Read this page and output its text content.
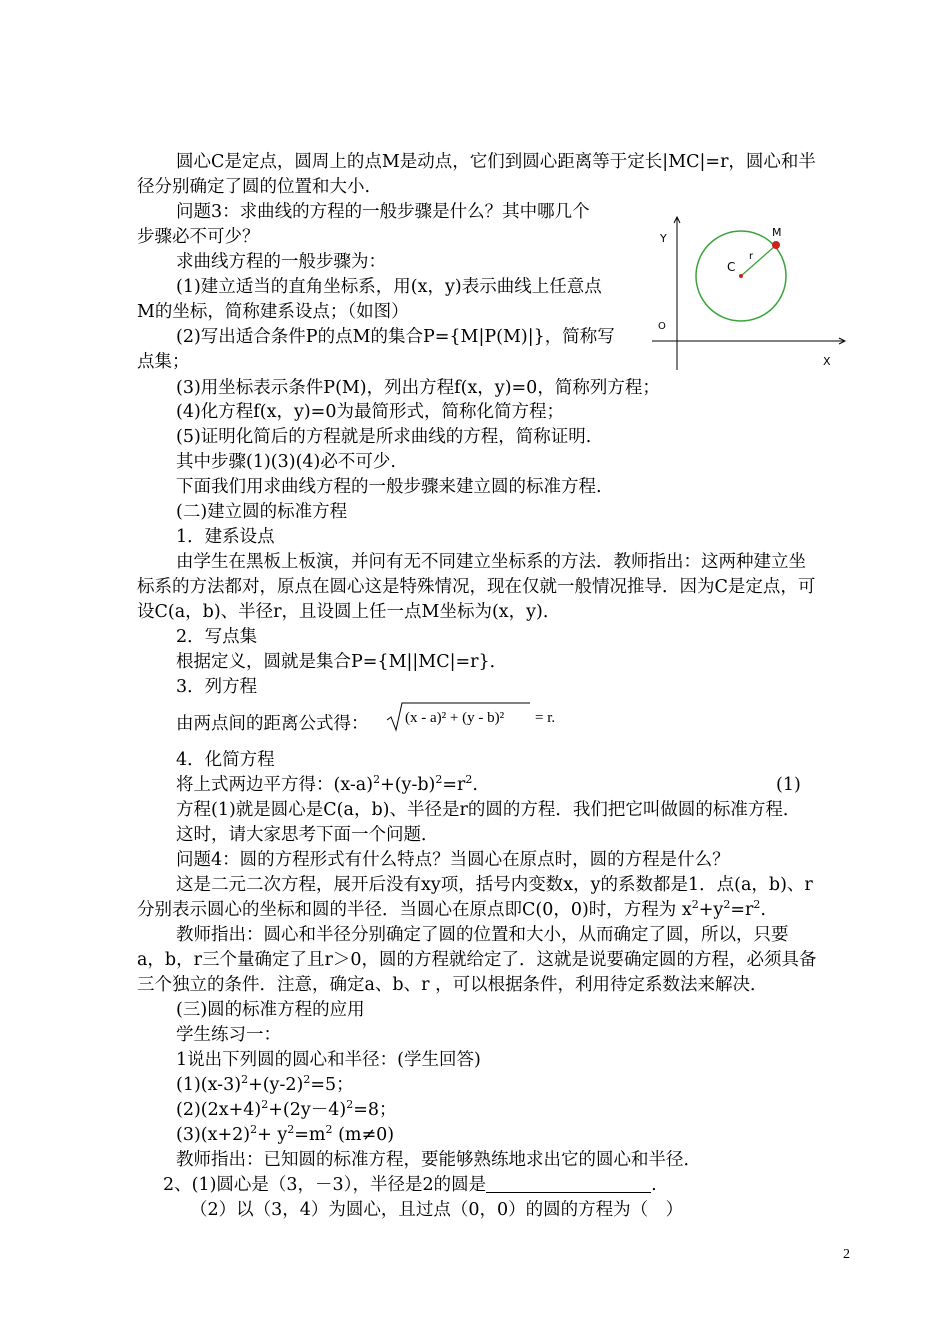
圆心C是定点，圆周上的点M是动点，它们到圆心距离等于定长|MC|=r，圆心和半
径分别确定了圆的位置和大小.
问题3：求曲线的方程的一般步骤是什么？其中哪几个
步骤必不可少？
求曲线方程的一般步骤为：
(1)建立适当的直角坐标系，用(x，y)表示曲线上任意点
M的坐标，简称建系设点；（如图）
(2)写出适合条件P的点M的集合P={M|P(M)|}，简称写
点集；
(3)用坐标表示条件P(M)，列出方程f(x，y)=0，简称列方程；
(4)化方程f(x，y)=0为最简形式，简称化简方程；
(5)证明化简后的方程就是所求曲线的方程，简称证明.
其中步骤(1)(3)(4)必不可少.
下面我们用求曲线方程的一般步骤来建立圆的标准方程.
(二)建立圆的标准方程
1．建系设点
由学生在黑板上板演，并问有无不同建立坐标系的方法．教师指出：这两种建立坐
标系的方法都对，原点在圆心这是特殊情况，现在仅就一般情况推导．因为C是定点，可
设C(a，b)、半径r，且设圆上任一点M坐标为(x，y)．
2．写点集
根据定义，圆就是集合P={M||MC|=r}．
3．列方程
由两点间的距离公式得： (x - a)² + (y - b)² = r.
4．化简方程
将上式两边平方得：$(x-a)^2+(y-b)^2=r^2$.	(1)
方程(1)就是圆心是C(a，b)、半径是r的圆的方程．我们把它叫做圆的标准方程．
这时，请大家思考下面一个问题．
问题4：圆的方程形式有什么特点？当圆心在原点时，圆的方程是什么？
这是二元二次方程，展开后没有xy项，括号内变数x，y的系数都是1．点(a，b)、r
分别表示圆心的坐标和圆的半径．当圆心在原点即C(0，0)时，方程为 $x^2+y^2=r^2$.
教师指出：圆心和半径分别确定了圆的位置和大小，从而确定了圆，所以，只要
a，b，r三个量确定了且r＞0，圆的方程就给定了．这就是说要确定圆的方程，必须具备
三个独立的条件．注意，确定a、b、r ，可以根据条件，利用待定系数法来解决．
(三)圆的标准方程的应用
学生练习一：
1说出下列圆的圆心和半径：(学生回答)
$(1)(x-3)^2+(y-2)^2=5$；
$(2)(2x+4)^2+(2y-4)^2=8$；
$(3)(x+2)^2+ y^2=m^2$ (m≠0)
教师指出：已知圆的标准方程，要能够熟练地求出它的圆心和半径．
2、(1)圆心是（3，－3），半径是2的圆是	.
（2）以（3，4）为圆心，且过点（0，0）的圆的方程为（　）
Y
X
O
C
r
M
2
